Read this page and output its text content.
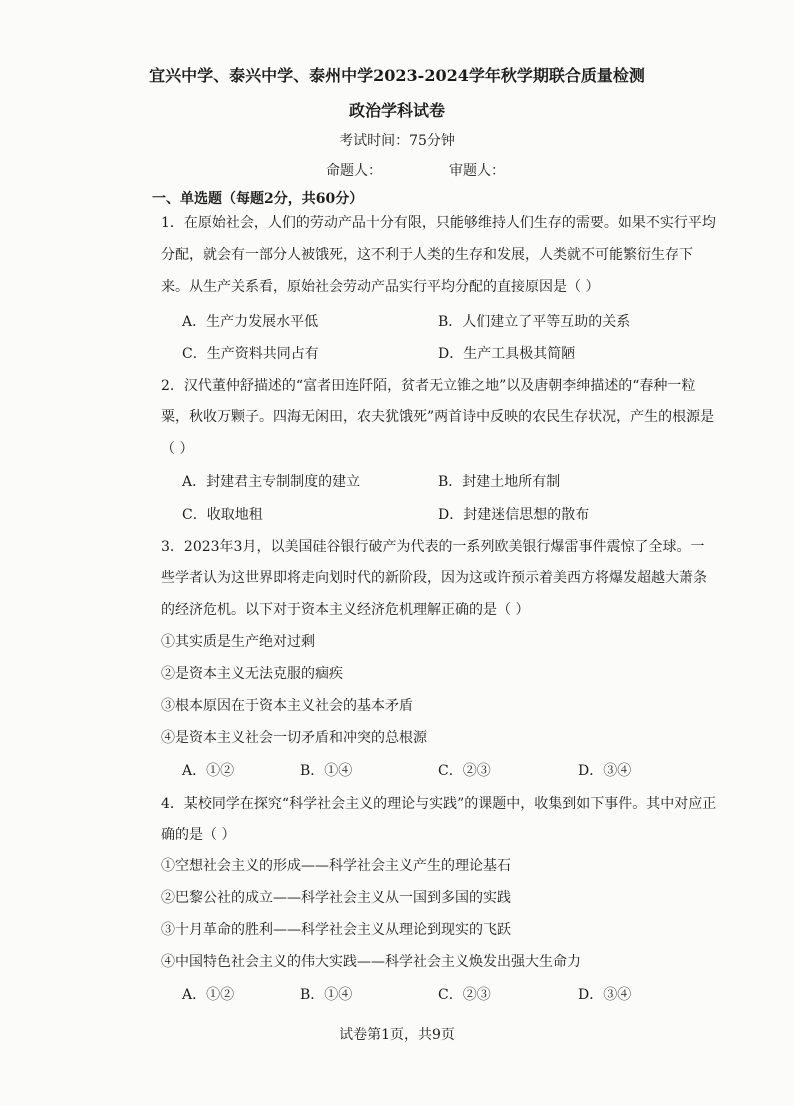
宜兴中学、泰兴中学、泰州中学2023-2024学年秋学期联合质量检测
政治学科试卷
考试时间：75分钟
命题人：	审题人：
一、单选题（每题2分，共60分）
1．在原始社会，人们的劳动产品十分有限，只能够维持人们生存的需要。如果不实行平均
分配，就会有一部分人被饿死，这不利于人类的生存和发展，人类就不可能繁衍生存下
来。从生产关系看，原始社会劳动产品实行平均分配的直接原因是（ ）
A．生产力发展水平低	B．人们建立了平等互助的关系
C．生产资料共同占有	D．生产工具极其简陋
2．汉代董仲舒描述的“富者田连阡陌，贫者无立锥之地”以及唐朝李绅描述的“春种一粒
粟，秋收万颗子。四海无闲田，农夫犹饿死”两首诗中反映的农民生存状况，产生的根源是
（ ）
A．封建君主专制制度的建立	B．封建土地所有制
C．收取地租	D．封建迷信思想的散布
3．2023年3月，以美国硅谷银行破产为代表的一系列欧美银行爆雷事件震惊了全球。一
些学者认为这世界即将走向划时代的新阶段，因为这或许预示着美西方将爆发超越大萧条
的经济危机。以下对于资本主义经济危机理解正确的是（ ）
①其实质是生产绝对过剩
②是资本主义无法克服的痼疾
③根本原因在于资本主义社会的基本矛盾
④是资本主义社会一切矛盾和冲突的总根源
A．①②	B．①④	C．②③	D．③④
4．某校同学在探究“科学社会主义的理论与实践”的课题中，收集到如下事件。其中对应正
确的是（ ）
①空想社会主义的形成——科学社会主义产生的理论基石
②巴黎公社的成立——科学社会主义从一国到多国的实践
③十月革命的胜利——科学社会主义从理论到现实的飞跃
④中国特色社会主义的伟大实践——科学社会主义焕发出强大生命力
A．①②	B．①④	C．②③	D．③④
试卷第1页，共9页
